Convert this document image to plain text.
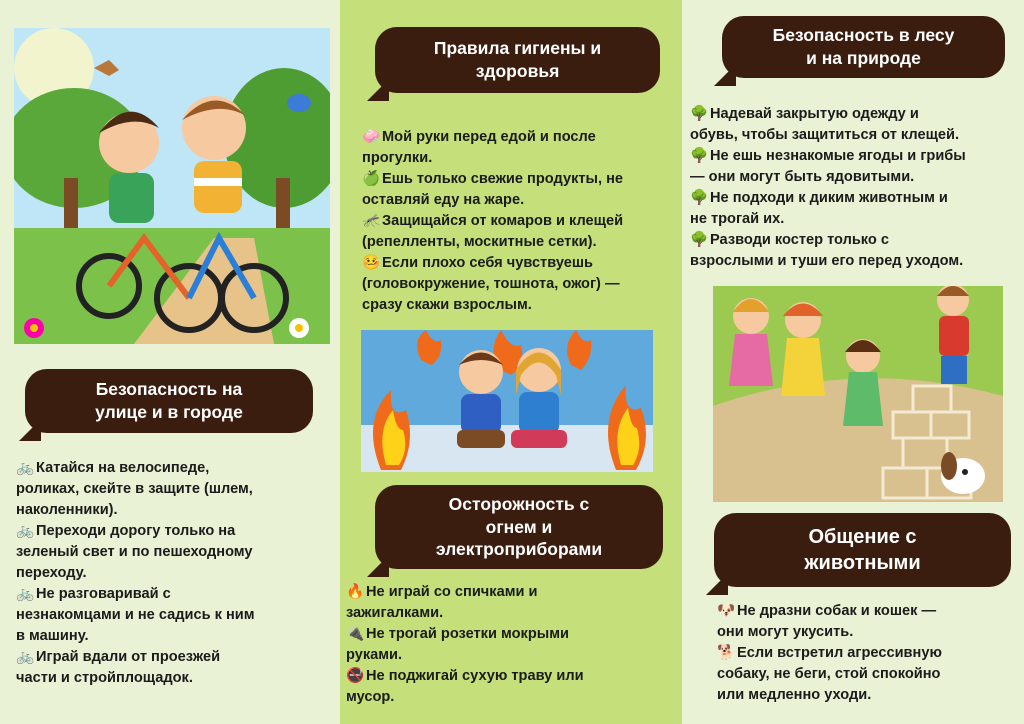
Безопасность на
улице и в городе
🚲 Катайся на велосипеде,
роликах, скейте в защите (шлем,
наколенники).
🚲 Переходи дорогу только на
зеленый свет и по пешеходному
переходу.
🚲 Не разговаривай с
незнакомцами и не садись к ним
в машину.
🚲 Играй вдали от проезжей
части и стройплощадок.
Правила гигиены и
здоровья
🧼 Мой руки перед едой и после
прогулки.
🍏 Ешь только свежие продукты, не
оставляй еду на жаре.
🦟 Защищайся от комаров и клещей
(репелленты, москитные сетки).
🤒 Если плохо себя чувствуешь
(головокружение, тошнота, ожог) —
сразу скажи взрослым.
Осторожность с
огнем и
электроприборами
🔥 Не играй со спичками и
зажигалками.
🔌 Не трогай розетки мокрыми
руками.
🚭 Не поджигай сухую траву или
мусор.
Безопасность в лесу
и на природе
🌳 Надевай закрытую одежду и
обувь, чтобы защититься от клещей.
🌳 Не ешь незнакомые ягоды и грибы
— они могут быть ядовитыми.
🌳 Не подходи к диким животным и
не трогай их.
🌳 Разводи костер только с
взрослыми и туши его перед уходом.
Общение с
животными
🐶 Не дразни собак и кошек —
они могут укусить.
🐕 Если встретил агрессивную
собаку, не беги, стой спокойно
или медленно уходи.
